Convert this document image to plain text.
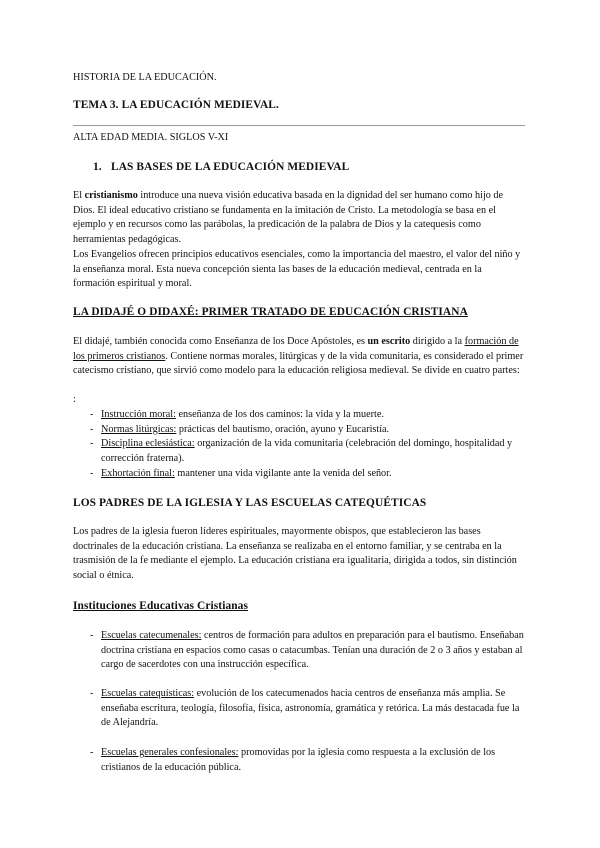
HISTORIA DE LA EDUCACIÓN.
TEMA 3. LA EDUCACIÓN MEDIEVAL.
ALTA EDAD MEDIA. SIGLOS V-XI
1. LAS BASES DE LA EDUCACIÓN MEDIEVAL

El cristianismo introduce una nueva visión educativa basada en la dignidad del ser humano como hijo de Dios. El ideal educativo cristiano se fundamenta en la imitación de Cristo. La metodología se basa en el ejemplo y en recursos como las parábolas, la predicación de la palabra de Dios y la catequesis como herramientas pedagógicas.

Los Evangelios ofrecen principios educativos esenciales, como la importancia del maestro, el valor del niño y la enseñanza moral. Esta nueva concepción sienta las bases de la educación medieval, centrada en la formación espiritual y moral.

LA DIDAJÉ O DIDAXÉ: PRIMER TRATADO DE EDUCACIÓN CRISTIANA

El didajé, también conocida como Enseñanza de los Doce Apóstoles, es un escrito dirigido a la formación de los primeros cristianos. Contiene normas morales, litúrgicas y de la vida comunitaria, es considerado el primer catecismo cristiano, que sirvió como modelo para la educación religiosa medieval. Se divide en cuatro partes:

:
- Instrucción moral: enseñanza de los dos caminos: la vida y la muerte.
- Normas litúrgicas: prácticas del bautismo, oración, ayuno y Eucaristía.
- Disciplina eclesiástica: organización de la vida comunitaria (celebración del domingo, hospitalidad y corrección fraterna).
- Exhortación final: mantener una vida vigilante ante la venida del señor.
LOS PADRES DE LA IGLESIA Y LAS ESCUELAS CATEQUÉTICAS

Los padres de la iglesia fueron líderes espirituales, mayormente obispos, que establecieron las bases doctrinales de la educación cristiana. La enseñanza se realizaba en el entorno familiar, y se centraba en la trasmisión de la fe mediante el ejemplo. La educación cristiana era igualitaria, dirigida a todos, sin distinción social o étnica.

Instituciones Educativas Cristianas
- Escuelas catecumenales: centros de formación para adultos en preparación para el bautismo. Enseñaban doctrina cristiana en espacios como casas o catacumbas. Tenían una duración de 2 o 3 años y estaban al cargo de sacerdotes con una instrucción específica.
- Escuelas catequísticas: evolución de los catecumenados hacia centros de enseñanza más amplia. Se enseñaba escritura, teología, filosofía, física, astronomía, gramática y retórica. La más destacada fue la de Alejandría.
- Escuelas generales confesionales: promovidas por la iglesia como respuesta a la exclusión de los cristianos de la educación pública.
